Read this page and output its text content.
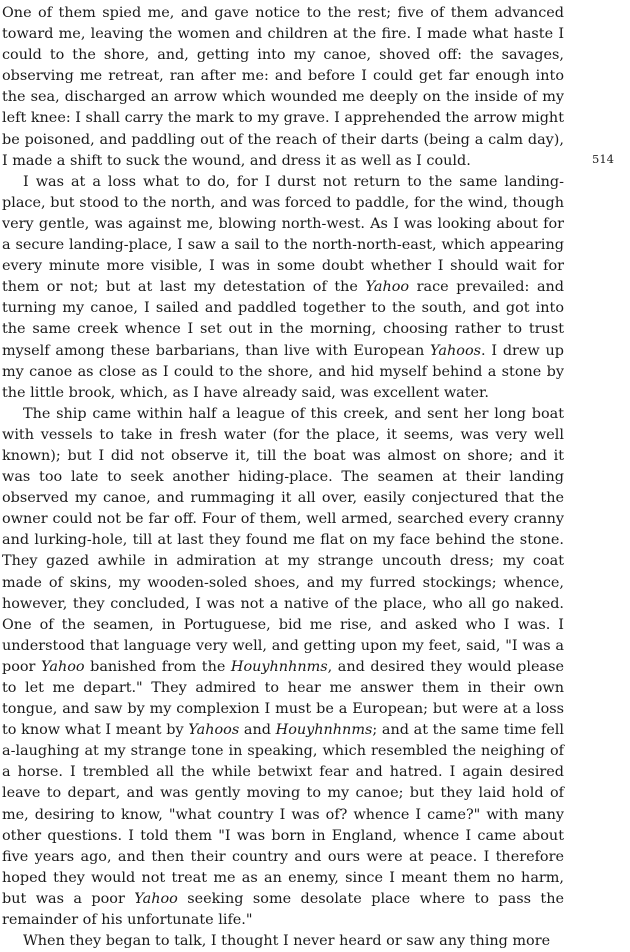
One of them spied me, and gave notice to the rest; five of them advanced toward me, leaving the women and children at the fire. I made what haste I could to the shore, and, getting into my canoe, shoved off: the savages, observing me retreat, ran after me: and before I could get far enough into the sea, discharged an arrow which wounded me deeply on the inside of my left knee: I shall carry the mark to my grave. I apprehended the arrow might be poisoned, and paddling out of the reach of their darts (being a calm day), I made a shift to suck the wound, and dress it as well as I could.

I was at a loss what to do, for I durst not return to the same landing-place, but stood to the north, and was forced to paddle, for the wind, though very gentle, was against me, blowing north-west. As I was looking about for a secure landing-place, I saw a sail to the north-north-east, which appearing every minute more visible, I was in some doubt whether I should wait for them or not; but at last my detestation of the Yahoo race prevailed: and turning my canoe, I sailed and paddled together to the south, and got into the same creek whence I set out in the morning, choosing rather to trust myself among these barbarians, than live with European Yahoos. I drew up my canoe as close as I could to the shore, and hid myself behind a stone by the little brook, which, as I have already said, was excellent water.

The ship came within half a league of this creek, and sent her long boat with vessels to take in fresh water (for the place, it seems, was very well known); but I did not observe it, till the boat was almost on shore; and it was too late to seek another hiding-place. The seamen at their landing observed my canoe, and rummaging it all over, easily conjectured that the owner could not be far off. Four of them, well armed, searched every cranny and lurking-hole, till at last they found me flat on my face behind the stone. They gazed awhile in admiration at my strange uncouth dress; my coat made of skins, my wooden-soled shoes, and my furred stockings; whence, however, they concluded, I was not a native of the place, who all go naked. One of the seamen, in Portuguese, bid me rise, and asked who I was. I understood that language very well, and getting upon my feet, said, "I was a poor Yahoo banished from the Houyhnhnms, and desired they would please to let me depart." They admired to hear me answer them in their own tongue, and saw by my complexion I must be a European; but were at a loss to know what I meant by Yahoos and Houyhnhnms; and at the same time fell a-laughing at my strange tone in speaking, which resembled the neighing of a horse. I trembled all the while betwixt fear and hatred. I again desired leave to depart, and was gently moving to my canoe; but they laid hold of me, desiring to know, "what country I was of? whence I came?" with many other questions. I told them "I was born in England, whence I came about five years ago, and then their country and ours were at peace. I therefore hoped they would not treat me as an enemy, since I meant them no harm, but was a poor Yahoo seeking some desolate place where to pass the remainder of his unfortunate life."

When they began to talk, I thought I never heard or saw any thing more

514
